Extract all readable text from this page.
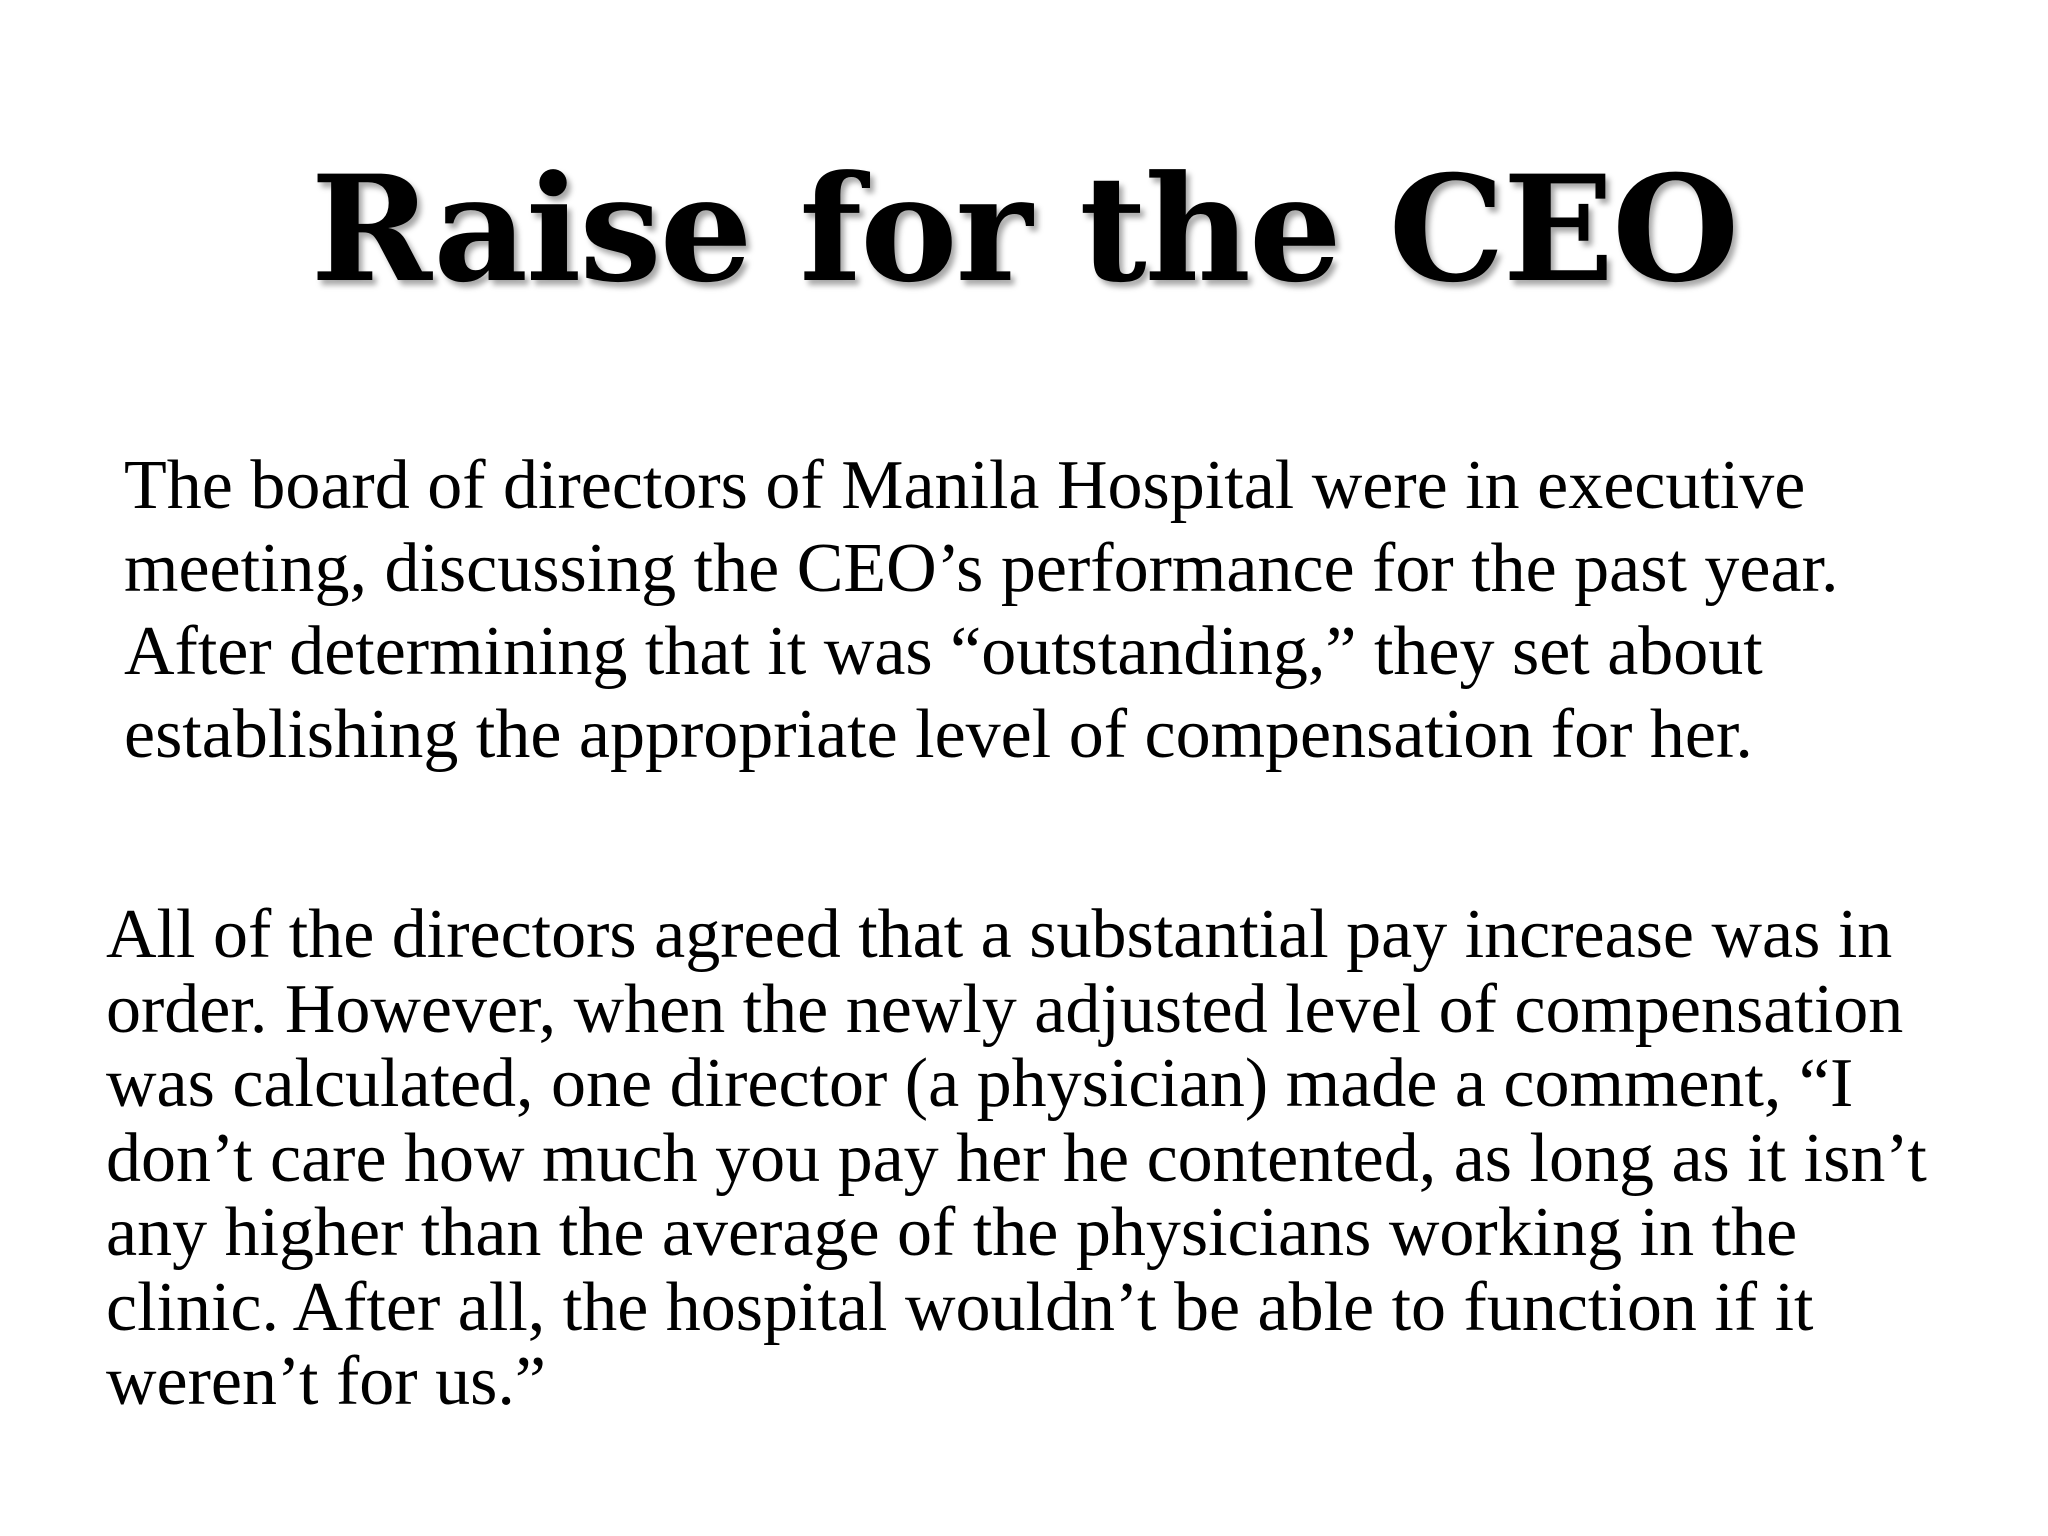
Raise for the CEO

The board of directors of Manila Hospital were in executive meeting, discussing the CEO’s performance for the past year. After determining that it was “outstanding,” they set about establishing the appropriate level of compensation for her.

All of the directors agreed that a substantial pay increase was in order. However, when the newly adjusted level of compensation was calculated, one director (a physician) made a comment, “I don’t care how much you pay her he contented, as long as it isn’t any higher than the average of the physicians working in the clinic. After all, the hospital wouldn’t be able to function if it weren’t for us.”
